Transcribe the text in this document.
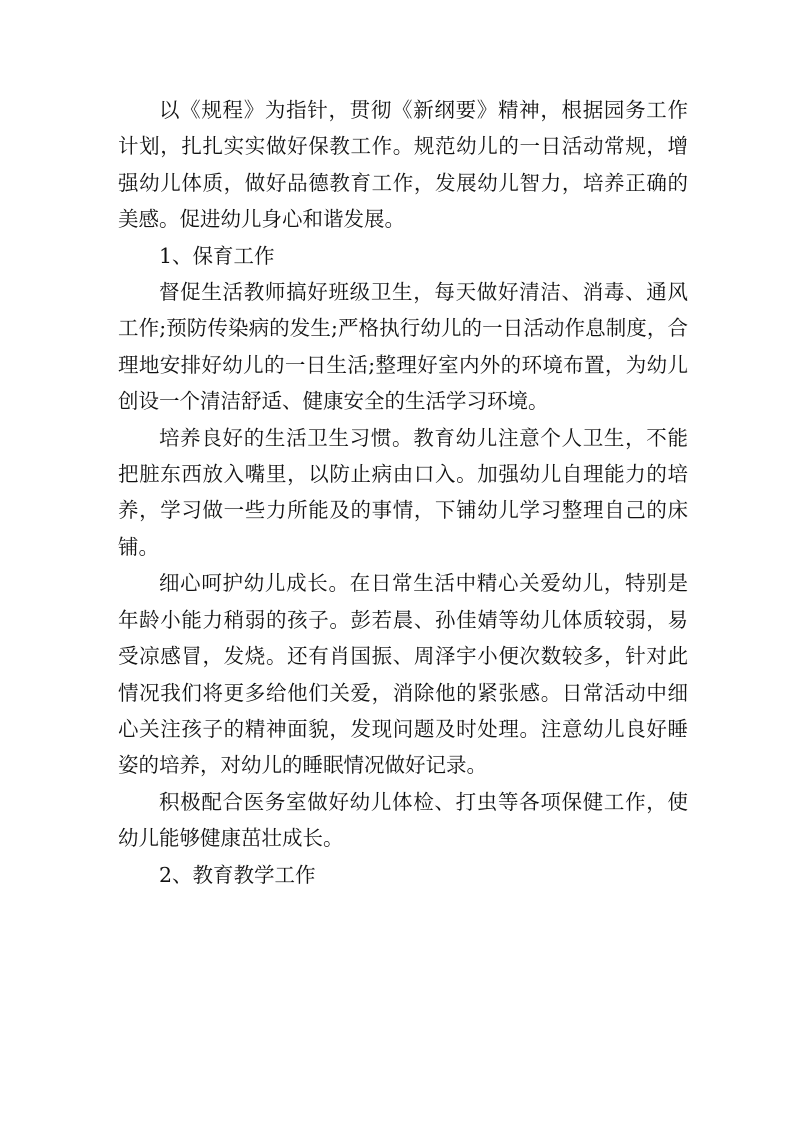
以《规程》为指针，贯彻《新纲要》精神，根据园务工作计划，扎扎实实做好保教工作。规范幼儿的一日活动常规，增强幼儿体质，做好品德教育工作，发展幼儿智力，培养正确的美感。促进幼儿身心和谐发展。

1、保育工作

督促生活教师搞好班级卫生，每天做好清洁、消毒、通风工作;预防传染病的发生;严格执行幼儿的一日活动作息制度，合理地安排好幼儿的一日生活;整理好室内外的环境布置，为幼儿创设一个清洁舒适、健康安全的生活学习环境。

培养良好的生活卫生习惯。教育幼儿注意个人卫生，不能把脏东西放入嘴里，以防止病由口入。加强幼儿自理能力的培养，学习做一些力所能及的事情，下铺幼儿学习整理自己的床铺。

细心呵护幼儿成长。在日常生活中精心关爱幼儿，特别是年龄小能力稍弱的孩子。彭若晨、孙佳婧等幼儿体质较弱，易受凉感冒，发烧。还有肖国振、周泽宇小便次数较多，针对此情况我们将更多给他们关爱，消除他的紧张感。日常活动中细心关注孩子的精神面貌，发现问题及时处理。注意幼儿良好睡姿的培养，对幼儿的睡眠情况做好记录。

积极配合医务室做好幼儿体检、打虫等各项保健工作，使幼儿能够健康茁壮成长。

2、教育教学工作
